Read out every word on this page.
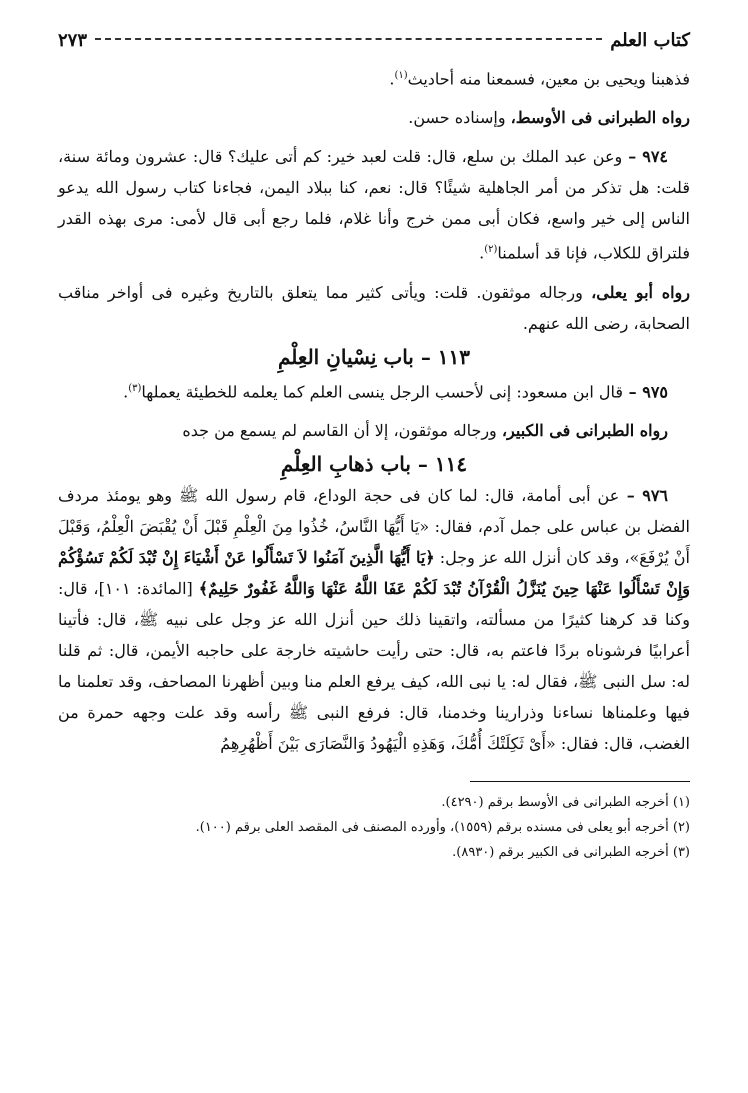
كتاب العلم
٢٧٣

فذهبنا ويحيى بن معين، فسمعنا منه أحاديث$^{(١)}$.

رواه الطبرانى فى الأوسط، وإسناده حسن.

٩٧٤ – وعن عبد الملك بن سلع، قال: قلت لعبد خير: كم أتى عليك؟ قال: عشرون ومائة سنة، قلت: هل تذكر من أمر الجاهلية شيئًا؟ قال: نعم، كنا ببلاد اليمن، فجاءنا كتاب رسول الله يدعو الناس إلى خير واسع، فكان أبى ممن خرج وأنا غلام، فلما رجع أبى قال لأمى: مرى بهذه القدر فلتراق للكلاب، فإنا قد أسلمنا$^{(٢)}$.

رواه أبو يعلى، ورجاله موثقون. قلت: ويأتى كثير مما يتعلق بالتاريخ وغيره فى أواخر مناقب الصحابة، رضى الله عنهم.

١١٣ – باب نِسْيانِ العِلْمِ

٩٧٥ – قال ابن مسعود: إنى لأحسب الرجل ينسى العلم كما يعلمه للخطيئة يعملها$^{(٣)}$.

رواه الطبرانى فى الكبير، ورجاله موثقون، إلا أن القاسم لم يسمع من جده

١١٤ – باب ذهابِ العِلْمِ

٩٧٦ – عن أبى أمامة، قال: لما كان فى حجة الوداع، قام رسول الله ﷺ وهو يومئذ مردف الفضل بن عباس على جمل آدم، فقال: «يَا أَيُّهَا النَّاسُ، خُذُوا مِنَ الْعِلْمِ قَبْلَ أَنْ يُقْبَضَ الْعِلْمُ، وَقَبْلَ أَنْ يُرْفَعَ»، وقد كان أنزل الله عز وجل: ﴿يَا أَيُّهَا الَّذِينَ آمَنُوا لاَ تَسْأَلُوا عَنْ أَشْيَاءَ إِنْ تُبْدَ لَكُمْ تَسُؤْكُمْ وَإِنْ تَسْأَلُوا عَنْهَا حِينَ يُنَزَّلُ الْقُرْآنُ تُبْدَ لَكُمْ عَفَا اللَّهُ عَنْهَا وَاللَّهُ غَفُورٌ حَلِيمٌ﴾ [المائدة: ١٠١]، قال: وكنا قد كرهنا كثيرًا من مسألته، واتقينا ذلك حين أنزل الله عز وجل على نبيه ﷺ، قال: فأتينا أعرابيًا فرشوناه بردًا فاعتم به، قال: حتى رأيت حاشيته خارجة على حاجبه الأيمن، قال: ثم قلنا له: سل النبى ﷺ، فقال له: يا نبى الله، كيف يرفع العلم منا وبين أظهرنا المصاحف، وقد تعلمنا ما فيها وعلمناها نساءنا وذرارينا وخدمنا، قال: فرفع النبى ﷺ رأسه وقد علت وجهه حمرة من الغضب، قال: فقال: «أَىْ ثَكِلَتْكَ أُمُّكَ، وَهَذِهِ الْيَهُودُ وَالنَّصَارَى بَيْنَ أَظْهُرِهِمُ

(١) أخرجه الطبرانى فى الأوسط برقم (٤٢٩٠).

(٢) أخرجه أبو يعلى فى مسنده برقم (١٥٥٩)، وأورده المصنف فى المقصد العلى برقم (١٠٠).

(٣) أخرجه الطبرانى فى الكبير برقم (٨٩٣٠).
